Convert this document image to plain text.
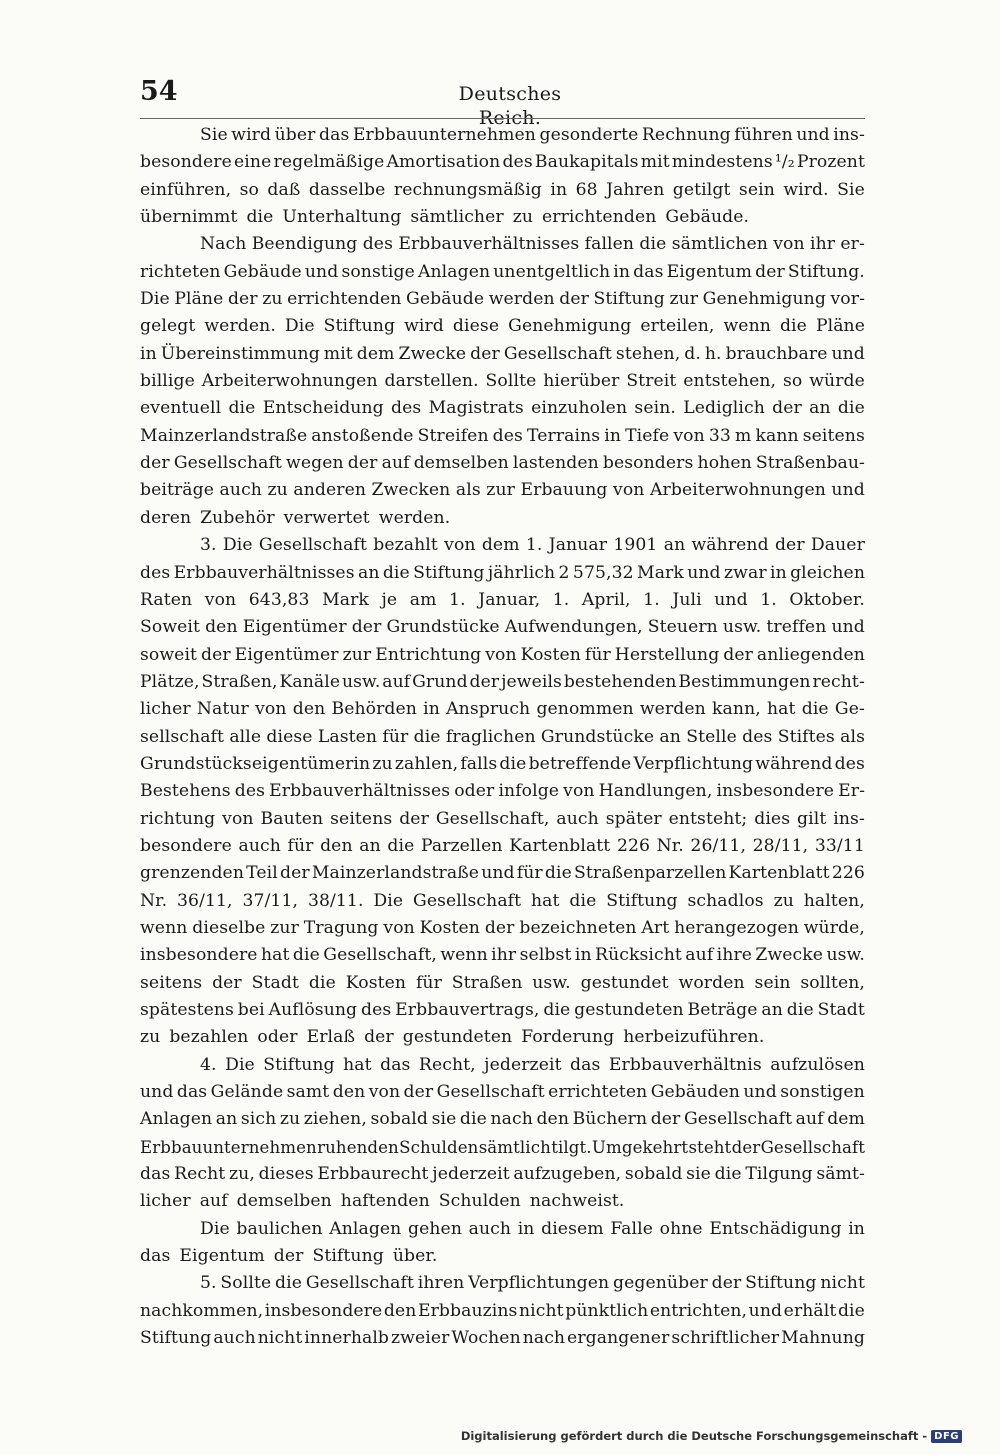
54	Deutsches Reich.
Sie wird über das Erbbauunternehmen gesonderte Rechnung führen und ins-
besondere eine regelmäßige Amortisation des Baukapitals mit mindestens ¹/₂ Prozent
einführen, so daß dasselbe rechnungsmäßig in 68 Jahren getilgt sein wird. Sie
übernimmt die Unterhaltung sämtlicher zu errichtenden Gebäude.
Nach Beendigung des Erbbauverhältnisses fallen die sämtlichen von ihr er-
richteten Gebäude und sonstige Anlagen unentgeltlich in das Eigentum der Stiftung.
Die Pläne der zu errichtenden Gebäude werden der Stiftung zur Genehmigung vor-
gelegt werden. Die Stiftung wird diese Genehmigung erteilen, wenn die Pläne
in Übereinstimmung mit dem Zwecke der Gesellschaft stehen, d. h. brauchbare und
billige Arbeiterwohnungen darstellen. Sollte hierüber Streit entstehen, so würde
eventuell die Entscheidung des Magistrats einzuholen sein. Lediglich der an die
Mainzerlandstraße anstoßende Streifen des Terrains in Tiefe von 33 m kann seitens
der Gesellschaft wegen der auf demselben lastenden besonders hohen Straßenbau-
beiträge auch zu anderen Zwecken als zur Erbauung von Arbeiterwohnungen und
deren Zubehör verwertet werden.
3. Die Gesellschaft bezahlt von dem 1. Januar 1901 an während der Dauer
des Erbbauverhältnisses an die Stiftung jährlich 2 575,32 Mark und zwar in gleichen
Raten von 643,83 Mark je am 1. Januar, 1. April, 1. Juli und 1. Oktober.
Soweit den Eigentümer der Grundstücke Aufwendungen, Steuern usw. treffen und
soweit der Eigentümer zur Entrichtung von Kosten für Herstellung der anliegenden
Plätze, Straßen, Kanäle usw. auf Grund der jeweils bestehenden Bestimmungen recht-
licher Natur von den Behörden in Anspruch genommen werden kann, hat die Ge-
sellschaft alle diese Lasten für die fraglichen Grundstücke an Stelle des Stiftes als
Grundstückseigentümerin zu zahlen, falls die betreffende Verpflichtung während des
Bestehens des Erbbauverhältnisses oder infolge von Handlungen, insbesondere Er-
richtung von Bauten seitens der Gesellschaft, auch später entsteht; dies gilt ins-
besondere auch für den an die Parzellen Kartenblatt 226 Nr. 26/11, 28/11, 33/11
grenzenden Teil der Mainzerlandstraße und für die Straßenparzellen Kartenblatt 226
Nr. 36/11, 37/11, 38/11. Die Gesellschaft hat die Stiftung schadlos zu halten,
wenn dieselbe zur Tragung von Kosten der bezeichneten Art herangezogen würde,
insbesondere hat die Gesellschaft, wenn ihr selbst in Rücksicht auf ihre Zwecke usw.
seitens der Stadt die Kosten für Straßen usw. gestundet worden sein sollten,
spätestens bei Auflösung des Erbbauvertrags, die gestundeten Beträge an die Stadt
zu bezahlen oder Erlaß der gestundeten Forderung herbeizuführen.
4. Die Stiftung hat das Recht, jederzeit das Erbbauverhältnis aufzulösen
und das Gelände samt den von der Gesellschaft errichteten Gebäuden und sonstigen
Anlagen an sich zu ziehen, sobald sie die nach den Büchern der Gesellschaft auf dem
Erbbauunternehmen ruhenden Schulden sämtlich tilgt. Umgekehrt steht der Gesellschaft
das Recht zu, dieses Erbbaurecht jederzeit aufzugeben, sobald sie die Tilgung sämt-
licher auf demselben haftenden Schulden nachweist.
Die baulichen Anlagen gehen auch in diesem Falle ohne Entschädigung in
das Eigentum der Stiftung über.
5. Sollte die Gesellschaft ihren Verpflichtungen gegenüber der Stiftung nicht
nachkommen, insbesondere den Erbbauzins nicht pünktlich entrichten, und erhält die
Stiftung auch nicht innerhalb zweier Wochen nach ergangener schriftlicher Mahnung
Digitalisierung gefördert durch die Deutsche Forschungsgemeinschaft - DFG
